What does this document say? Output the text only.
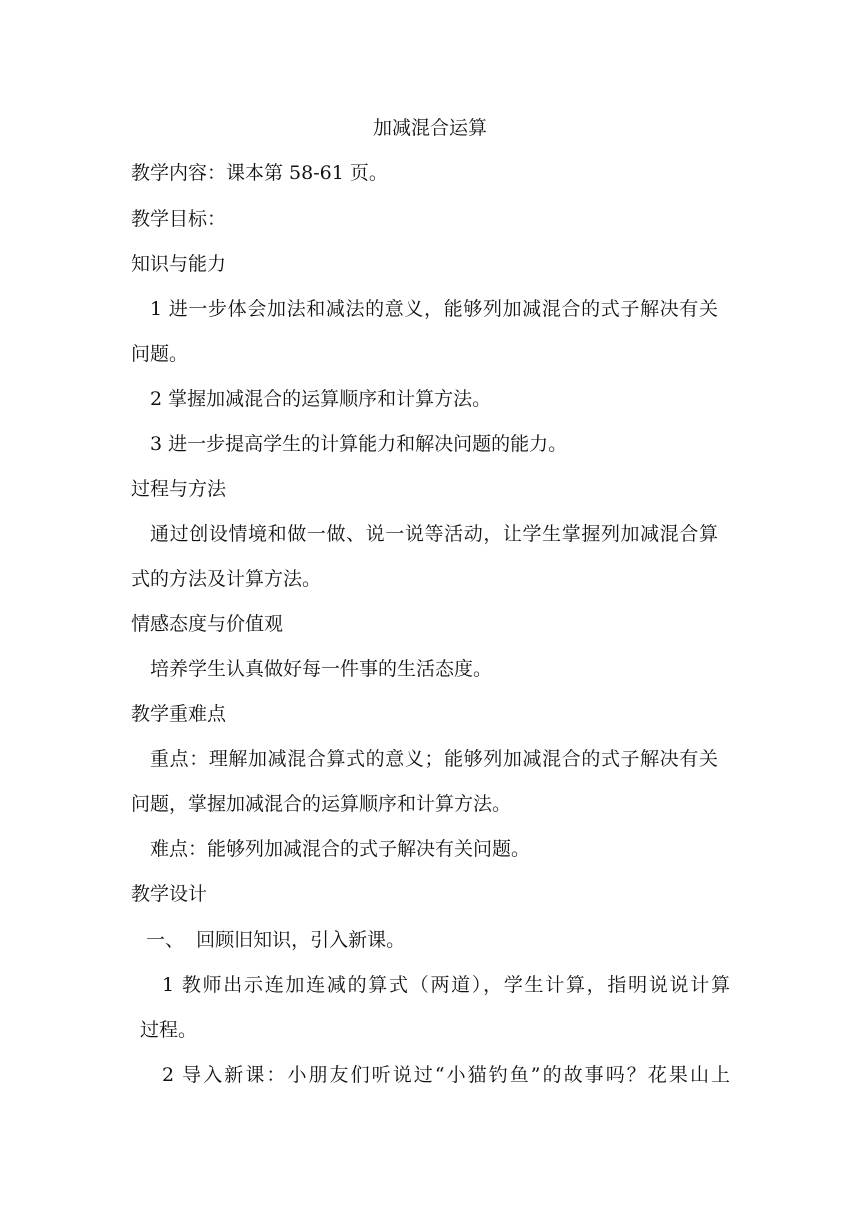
加减混合运算
教学内容：课本第 58-61 页。
教学目标：
知识与能力
1 进一步体会加法和减法的意义，能够列加减混合的式子解决有关
问题。
2 掌握加减混合的运算顺序和计算方法。
3 进一步提高学生的计算能力和解决问题的能力。
过程与方法
通过创设情境和做一做、说一说等活动，让学生掌握列加减混合算
式的方法及计算方法。
情感态度与价值观
培养学生认真做好每一件事的生活态度。
教学重难点
重点：理解加减混合算式的意义；能够列加减混合的式子解决有关
问题，掌握加减混合的运算顺序和计算方法。
难点：能够列加减混合的式子解决有关问题。
教学设计
一、  回顾旧知识，引入新课。
1 教师出示连加连减的算式（两道），学生计算，指明说说计算
过程。
2 导入新课：小朋友们听说过“小猫钓鱼”的故事吗？花果山上
